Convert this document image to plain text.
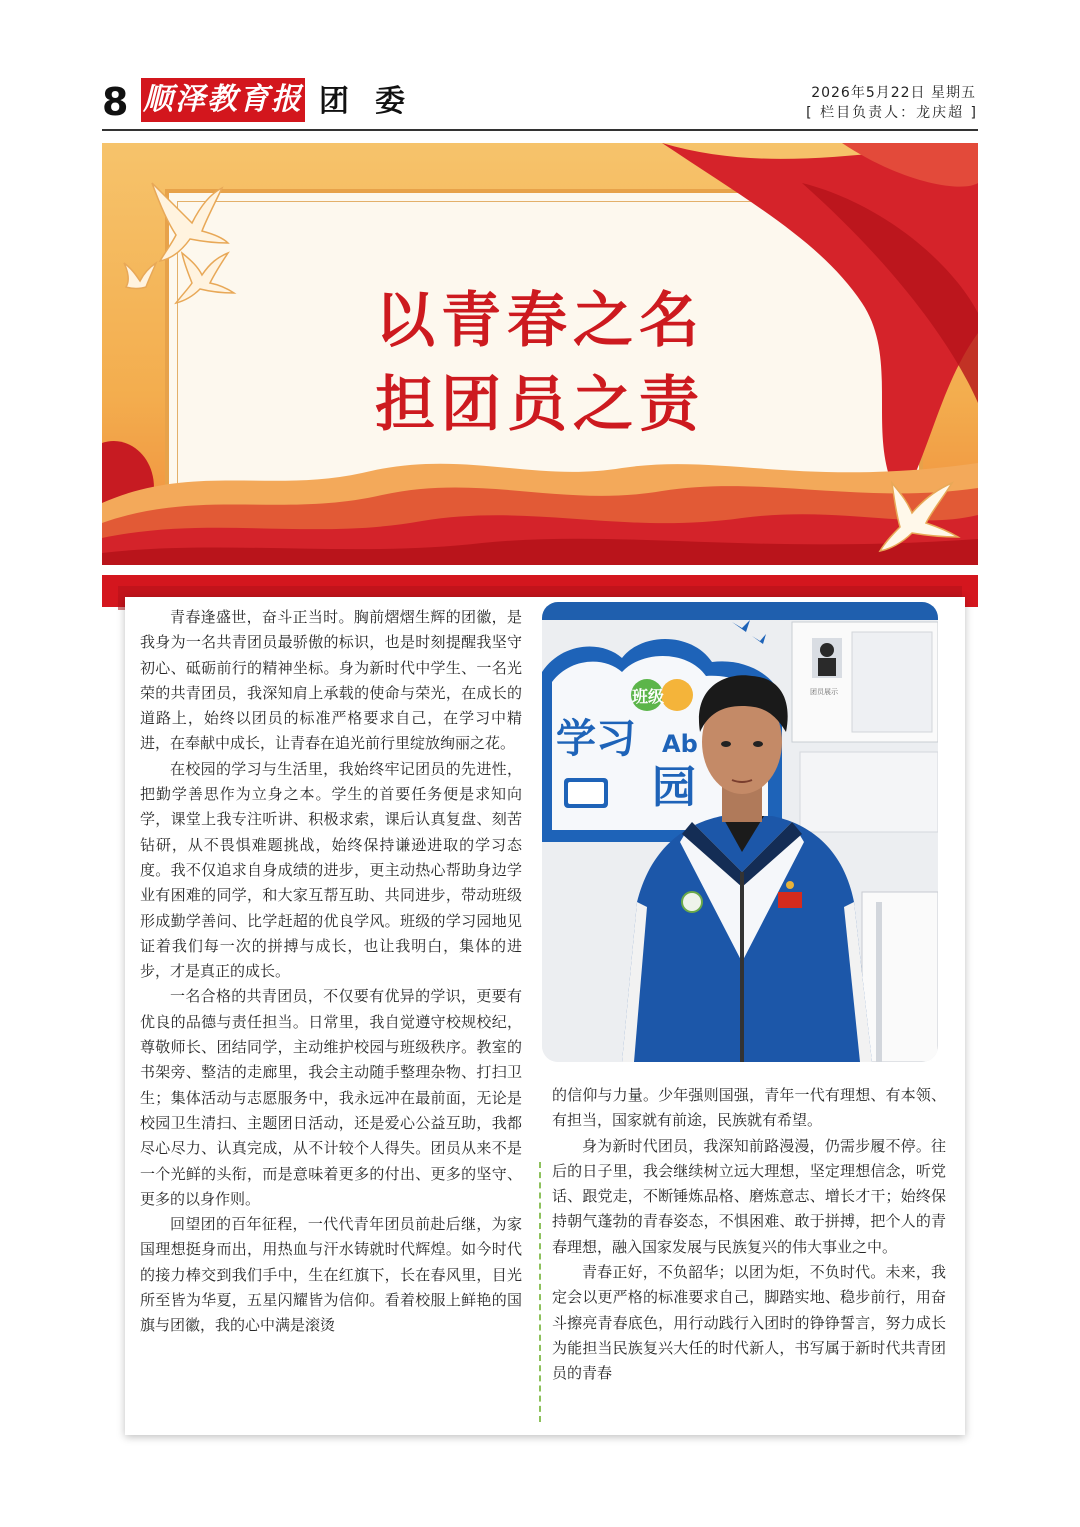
8 顺泽教育报 团委	2026年5月22日 星期五
[ 栏目负责人：龙庆超 ]
以青春之名
担团员之责

青春逢盛世，奋斗正当时。胸前熠熠生辉的团徽，是我身为一名共青团员最骄傲的标识，也是时刻提醒我坚守初心、砥砺前行的精神坐标。身为新时代中学生、一名光荣的共青团员，我深知肩上承载的使命与荣光，在成长的道路上，始终以团员的标准严格要求自己，在学习中精进，在奉献中成长，让青春在追光前行里绽放绚丽之花。

在校园的学习与生活里，我始终牢记团员的先进性，把勤学善思作为立身之本。学生的首要任务便是求知向学，课堂上我专注听讲、积极求索，课后认真复盘、刻苦钻研，从不畏惧难题挑战，始终保持谦逊进取的学习态度。我不仅追求自身成绩的进步，更主动热心帮助身边学业有困难的同学，和大家互帮互助、共同进步，带动班级形成勤学善问、比学赶超的优良学风。班级的学习园地见证着我们每一次的拼搏与成长，也让我明白，集体的进步，才是真正的成长。

一名合格的共青团员，不仅要有优异的学识，更要有优良的品德与责任担当。日常里，我自觉遵守校规校纪，尊敬师长、团结同学，主动维护校园与班级秩序。教室的书架旁、整洁的走廊里，我会主动随手整理杂物、打扫卫生；集体活动与志愿服务中，我永远冲在最前面，无论是校园卫生清扫、主题团日活动，还是爱心公益互助，我都尽心尽力、认真完成，从不计较个人得失。团员从来不是一个光鲜的头衔，而是意味着更多的付出、更多的坚守、更多的以身作则。

回望团的百年征程，一代代青年团员前赴后继，为家国理想挺身而出，用热血与汗水铸就时代辉煌。如今时代的接力棒交到我们手中，生在红旗下，长在春风里，目光所至皆为华夏，五星闪耀皆为信仰。看着校服上鲜艳的国旗与团徽，我的心中满是滚烫

班级
学习 Ab
园
团员展示

的信仰与力量。少年强则国强，青年一代有理想、有本领、有担当，国家就有前途，民族就有希望。

身为新时代团员，我深知前路漫漫，仍需步履不停。往后的日子里，我会继续树立远大理想，坚定理想信念，听党话、跟党走，不断锤炼品格、磨炼意志、增长才干；始终保持朝气蓬勃的青春姿态，不惧困难、敢于拼搏，把个人的青春理想，融入国家发展与民族复兴的伟大事业之中。

青春正好，不负韶华；以团为炬，不负时代。未来，我定会以更严格的标准要求自己，脚踏实地、稳步前行，用奋斗擦亮青春底色，用行动践行入团时的铮铮誓言，努力成长为能担当民族复兴大任的时代新人，书写属于新时代共青团员的青春
